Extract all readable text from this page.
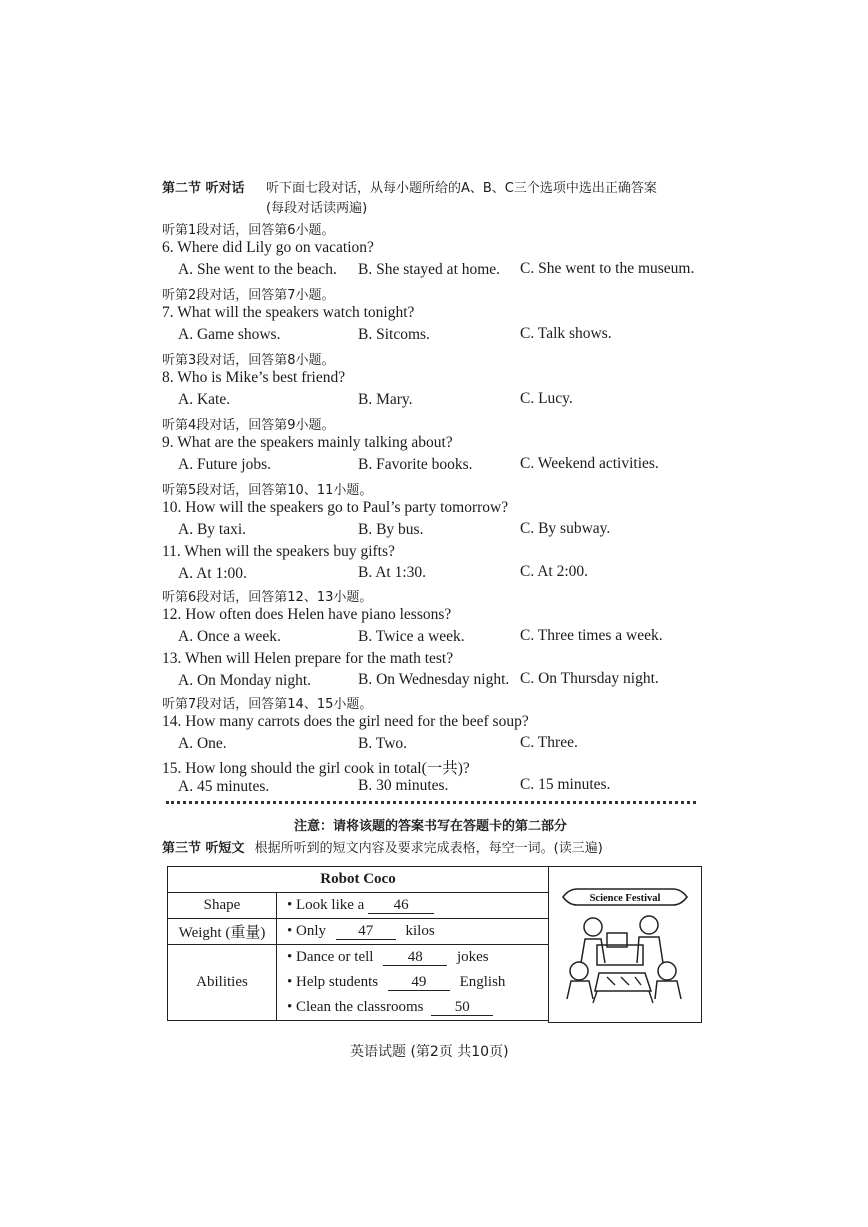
第二节 听对话 听下面七段对话，从每小题所给的A、B、C三个选项中选出正确答案
(每段对话读两遍)
听第1段对话，回答第6小题。
6. Where did Lily go on vacation?
A. She went to the beach. B. She stayed at home. C. She went to the museum.
听第2段对话，回答第7小题。
7. What will the speakers watch tonight?
A. Game shows.	B. Sitcoms.	C. Talk shows.
听第3段对话，回答第8小题。
8. Who is Mike’s best friend?
A. Kate.	B. Mary.	C. Lucy.
听第4段对话，回答第9小题。
9. What are the speakers mainly talking about?
A. Future jobs.	B. Favorite books.	C. Weekend activities.
听第5段对话，回答第10、11小题。
10. How will the speakers go to Paul’s party tomorrow?
A. By taxi.	B. By bus.	C. By subway.
11. When will the speakers buy gifts?
A. At 1:00.	B. At 1:30.	C. At 2:00.
听第6段对话，回答第12、13小题。
12. How often does Helen have piano lessons?
A. Once a week.	B. Twice a week.	C. Three times a week.
13. When will Helen prepare for the math test?
A. On Monday night.	B. On Wednesday night. C. On Thursday night.
听第7段对话，回答第14、15小题。
14. How many carrots does the girl need for the beef soup?
A. One.	B. Two.	C. Three.
15. How long should the girl cook in total(一共)?
A. 45 minutes.	B. 30 minutes.	C. 15 minutes.
注意：请将该题的答案书写在答题卡的第二部分
第三节 听短文 根据所听到的短文内容及要求完成表格，每空一词。(读三遍)
Robot Coco	
Shape	• Look like a 46
Weight (重量)	• Only 47 kilos
Abilities	• Dance or tell 48 jokes
• Help students 49 English
• Clean the classrooms 50
Science Festival
英语试题 (第2页 共10页)
